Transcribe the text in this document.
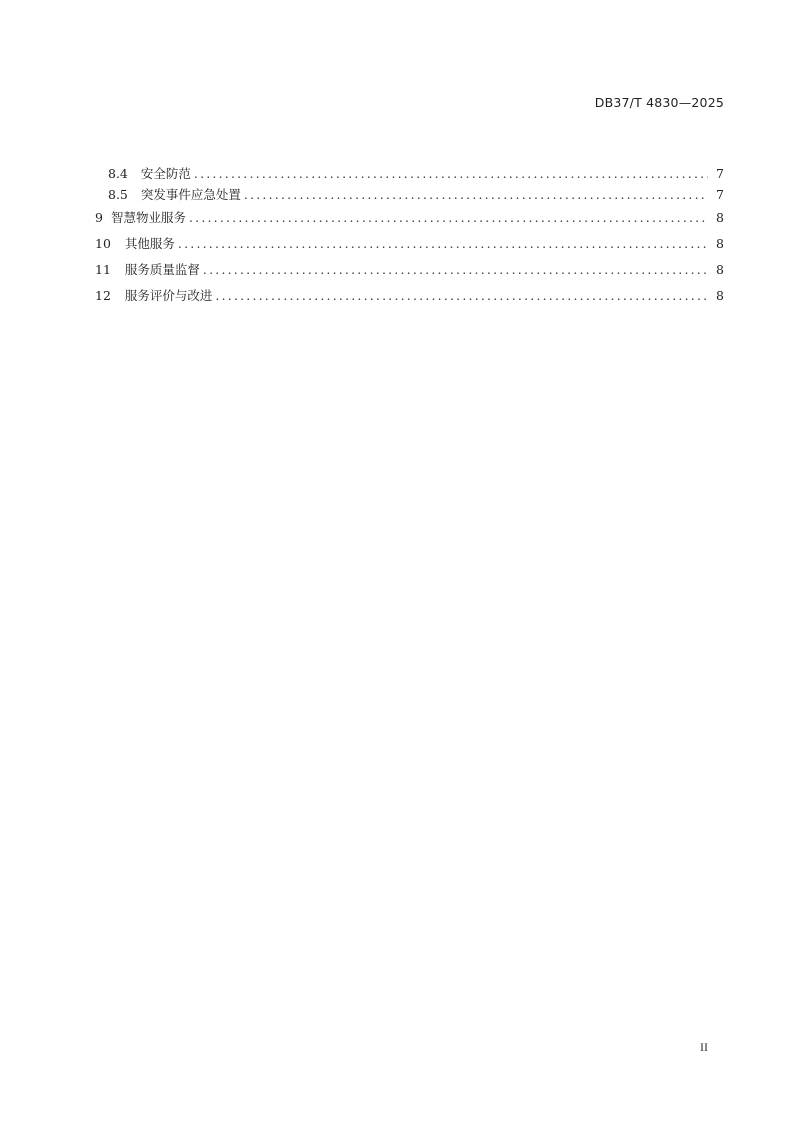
DB37/T 4830—2025
8.4 安全防范 .....	7
8.5 突发事件应急处置 .....	7
9 智慧物业服务 .....	8
10 其他服务 .....	8
11 服务质量监督 .....	8
12 服务评价与改进 .....	8
II
